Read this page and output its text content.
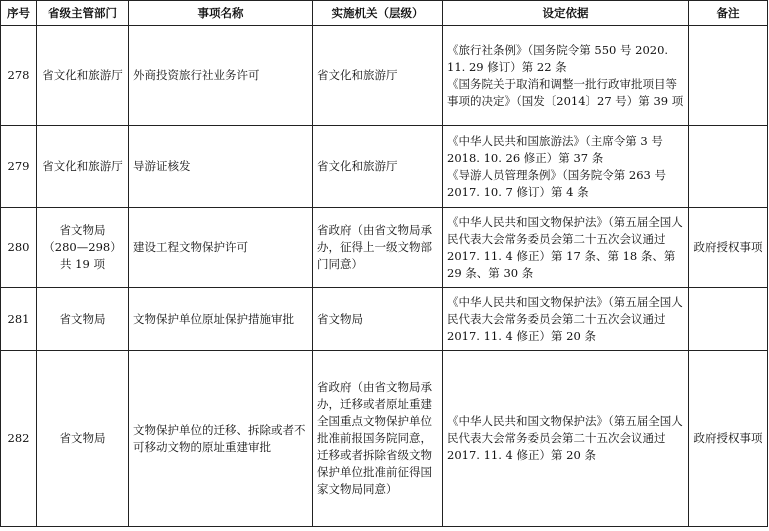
序号	省级主管部门	事项名称	实施机关（层级）	设定依据	备注
278	省文化和旅游厅	外商投资旅行社业务许可	省文化和旅游厅	《旅行社条例》（国务院令第 550 号 2020. 11. 29 修订）第 22 条

《国务院关于取消和调整一批行政审批项目等事项的决定》（国发〔2014〕27 号）第 39 项	

279	省文化和旅游厅	导游证核发	省文化和旅游厅	《中华人民共和国旅游法》（主席令第 3 号 2018. 10. 26 修正）第 37 条

《导游人员管理条例》（国务院令第 263 号 2017. 10. 7 修订）第 4 条	

280	省文物局
（280—298）
共 19 项	建设工程文物保护许可	省政府（由省文物局承办，征得上一级文物部门同意）	《中华人民共和国文物保护法》（第五届全国人民代表大会常务委员会第二十五次会议通过　2017. 11. 4 修正）第 17 条、第 18 条、第 29 条、第 30 条	政府授权事项
281	省文物局	文物保护单位原址保护措施审批	省文物局	《中华人民共和国文物保护法》（第五届全国人民代表大会常务委员会第二十五次会议通过　2017. 11. 4 修正）第 20 条	

282	省文物局	文物保护单位的迁移、拆除或者不可移动文物的原址重建审批	省政府（由省文物局承办，迁移或者原址重建全国重点文物保护单位批准前报国务院同意，迁移或者拆除省级文物保护单位批准前征得国家文物局同意）	《中华人民共和国文物保护法》（第五届全国人民代表大会常务委员会第二十五次会议通过　2017. 11. 4 修正）第 20 条	政府授权事项
